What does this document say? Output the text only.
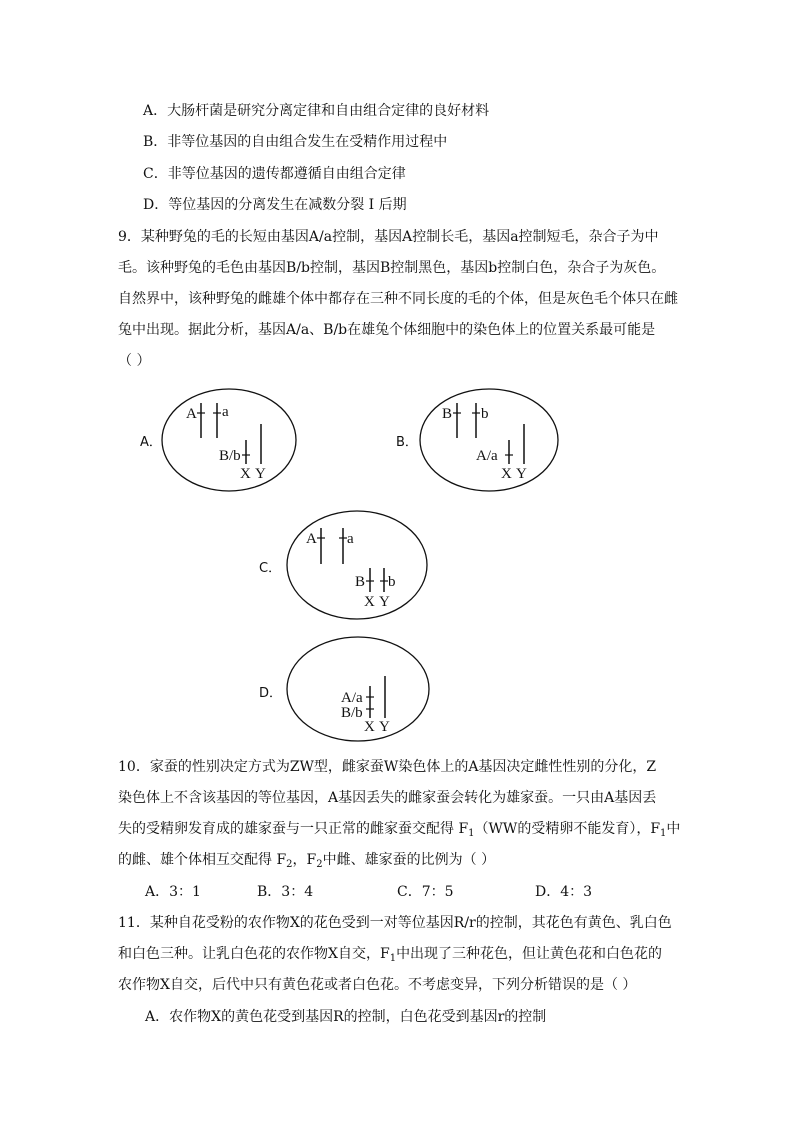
A．大肠杆菌是研究分离定律和自由组合定律的良好材料
B．非等位基因的自由组合发生在受精作用过程中
C．非等位基因的遗传都遵循自由组合定律
D．等位基因的分离发生在减数分裂 I 后期
9．某种野兔的毛的长短由基因A/a控制，基因A控制长毛，基因a控制短毛，杂合子为中
毛。该种野兔的毛色由基因B/b控制，基因B控制黑色，基因b控制白色，杂合子为灰色。
自然界中，该种野兔的雌雄个体中都存在三种不同长度的毛的个体，但是灰色毛个体只在雌
兔中出现。据此分析，基因A/a、B/b在雄兔个体细胞中的染色体上的位置关系最可能是
（ ）
A．	B．
C．
D．
A a
B/b
X Y
B b
A/a
X Y
A a
B b
X Y
A/a
B/b
X Y
10．家蚕的性别决定方式为ZW型，雌家蚕W染色体上的A基因决定雌性性别的分化，Z
染色体上不含该基因的等位基因，A基因丢失的雌家蚕会转化为雄家蚕。一只由A基因丢
失的受精卵发育成的雄家蚕与一只正常的雌家蚕交配得 $F_1(WW$的受精卵不能发育），$F_1$中
的雌、雄个体相互交配得 $F_2$，$F_2$中雌、雄家蚕的比例为（ ）
A．3：1	B．3：4	C．7：5	D．4：3
11．某种自花受粉的农作物X的花色受到一对等位基因R/r的控制，其花色有黄色、乳白色
和白色三种。让乳白色花的农作物X自交，$F_1$中出现了三种花色，但让黄色花和白色花的
农作物X自交，后代中只有黄色花或者白色花。不考虑变异，下列分析错误的是（ ）
A．农作物X的黄色花受到基因R的控制，白色花受到基因r的控制
